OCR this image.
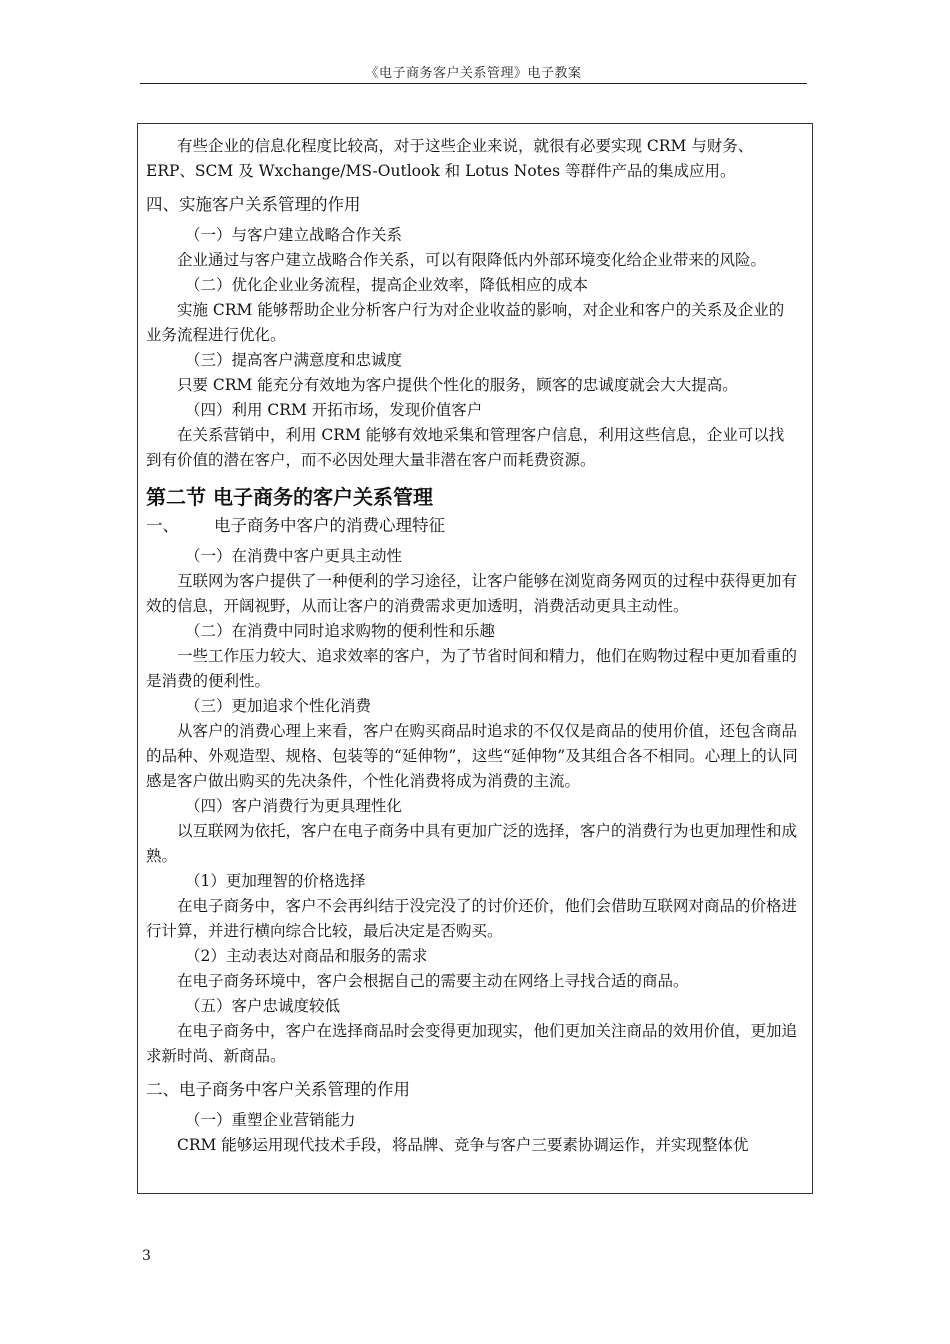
《电子商务客户关系管理》电子教案

有些企业的信息化程度比较高，对于这些企业来说，就很有必要实现 CRM 与财务、ERP、SCM 及 Wxchange/MS-Outlook 和 Lotus Notes 等群件产品的集成应用。

四、实施客户关系管理的作用

（一）与客户建立战略合作关系

企业通过与客户建立战略合作关系，可以有限降低内外部环境变化给企业带来的风险。

（二）优化企业业务流程，提高企业效率，降低相应的成本

实施 CRM 能够帮助企业分析客户行为对企业收益的影响，对企业和客户的关系及企业的业务流程进行优化。

（三）提高客户满意度和忠诚度

只要 CRM 能充分有效地为客户提供个性化的服务，顾客的忠诚度就会大大提高。

（四）利用 CRM 开拓市场，发现价值客户

在关系营销中，利用 CRM 能够有效地采集和管理客户信息，利用这些信息，企业可以找到有价值的潜在客户，而不必因处理大量非潜在客户而耗费资源。

第二节 电子商务的客户关系管理

一、 电子商务中客户的消费心理特征

（一）在消费中客户更具主动性

互联网为客户提供了一种便利的学习途径，让客户能够在浏览商务网页的过程中获得更加有效的信息，开阔视野，从而让客户的消费需求更加透明，消费活动更具主动性。

（二）在消费中同时追求购物的便利性和乐趣

一些工作压力较大、追求效率的客户，为了节省时间和精力，他们在购物过程中更加看重的是消费的便利性。

（三）更加追求个性化消费

从客户的消费心理上来看，客户在购买商品时追求的不仅仅是商品的使用价值，还包含商品的品种、外观造型、规格、包装等的“延伸物”，这些“延伸物”及其组合各不相同。心理上的认同感是客户做出购买的先决条件，个性化消费将成为消费的主流。

（四）客户消费行为更具理性化

以互联网为依托，客户在电子商务中具有更加广泛的选择，客户的消费行为也更加理性和成熟。

（1）更加理智的价格选择

在电子商务中，客户不会再纠结于没完没了的讨价还价，他们会借助互联网对商品的价格进行计算，并进行横向综合比较，最后决定是否购买。

（2）主动表达对商品和服务的需求

在电子商务环境中，客户会根据自己的需要主动在网络上寻找合适的商品。

（五）客户忠诚度较低

在电子商务中，客户在选择商品时会变得更加现实，他们更加关注商品的效用价值，更加追求新时尚、新商品。

二、电子商务中客户关系管理的作用

（一）重塑企业营销能力

CRM 能够运用现代技术手段，将品牌、竞争与客户三要素协调运作，并实现整体优

3
